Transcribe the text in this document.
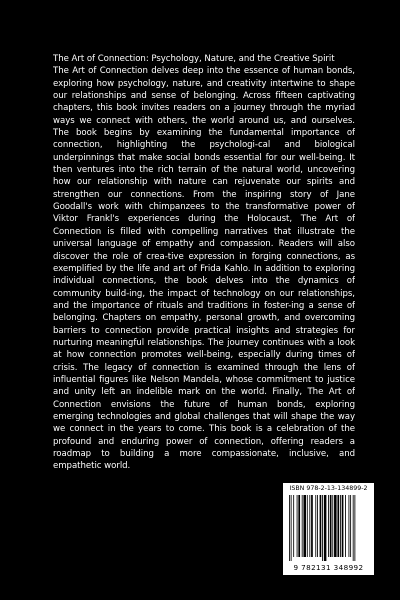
The Art of Connection: Psychology, Nature, and the Creative Spirit
The Art of Connection delves deep into the essence of human bonds,
exploring how psychology, nature, and creativity intertwine to shape
our relationships and sense of belonging. Across fifteen captivating
chapters, this book invites readers on a journey through the myriad
ways we connect with others, the world around us, and ourselves.
The book begins by examining the fundamental importance of
connection, highlighting the psychologi-cal and biological
underpinnings that make social bonds essential for our well-being. It
then ventures into the rich terrain of the natural world, uncovering
how our relationship with nature can rejuvenate our spirits and
strengthen our connections. From the inspiring story of Jane
Goodall's work with chimpanzees to the transformative power of
Viktor Frankl's experiences during the Holocaust, The Art of
Connection is filled with compelling narratives that illustrate the
universal language of empathy and compassion. Readers will also
discover the role of crea-tive expression in forging connections, as
exemplified by the life and art of Frida Kahlo. In addition to exploring
individual connections, the book delves into the dynamics of
community build-ing, the impact of technology on our relationships,
and the importance of rituals and traditions in foster-ing a sense of
belonging. Chapters on empathy, personal growth, and overcoming
barriers to connection provide practical insights and strategies for
nurturing meaningful relationships. The journey continues with a look
at how connection promotes well-being, especially during times of
crisis. The legacy of connection is examined through the lens of
influential figures like Nelson Mandela, whose commitment to justice
and unity left an indelible mark on the world. Finally, The Art of
Connection envisions the future of human bonds, exploring
emerging technologies and global challenges that will shape the way
we connect in the years to come. This book is a celebration of the
profound and enduring power of connection, offering readers a
roadmap to building a more compassionate, inclusive, and
empathetic world.
ISBN 978-2-13-134899-2
9 782131 348992
